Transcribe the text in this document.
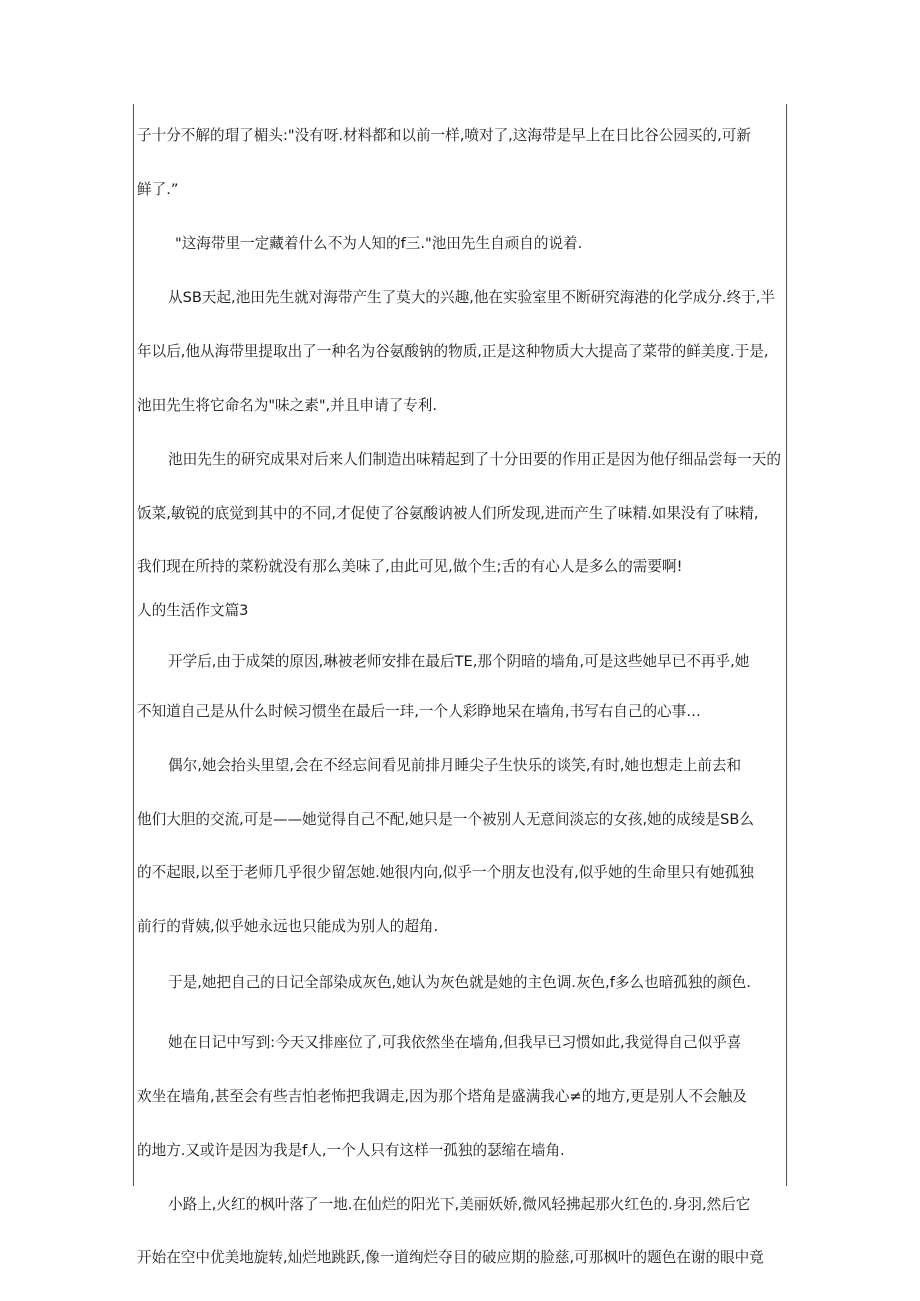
子十分不解的瑁了楣头:"没有呀.材料都和以前一样,喷对了,这海带是早上在日比谷公园买的,可新
鲜了.”
"这海带里一定藏着什么不为人知的f三."池田先生自顽自的说着.
从SB天起,池田先生就对海带产生了莫大的兴趣,他在实验室里不断研究海港的化学成分.终于,半
年以后,他从海带里提取出了一种名为谷氨酸钠的物质,正是这种物质大大提高了菜带的鲜美度.于是,
池田先生将它命名为"味之素",并且申请了专利.
池田先生的研究成果对后来人们制造出味精起到了十分田要的作用正是因为他仔细品尝每一天的
饭菜,敏锐的底觉到其中的不同,才促使了谷氨酸讷被人们所发现,进而产生了味精.如果没有了味精,
我们现在所持的菜粉就没有那么美味了,由此可见,做个生;舌的有心人是多么的需要啊!
人的生活作文篇3
开学后,由于成桀的原因,琳被老师安排在最后TE,那个阴暗的墙角,可是这些她早已不再乎,她
不知道自己是从什么时候习惯坐在最后一玤,一个人彩睁地呆在墙角,书写右自己的心事…
偶尔,她会抬头里望,会在不经忘间看见前排月睡尖子生快乐的谈笑,有时,她也想走上前去和
他们大胆的交流,可是——她觉得自己不配,她只是一个被别人无意间淡忘的女孩,她的成绫是SB么
的不起眼,以至于老师几乎很少留怎她.她很内向,似乎一个朋友也没有,似乎她的生命里只有她孤独
前行的背姨,似乎她永远也只能成为别人的超角.
于是,她把自己的日记全部染成灰色,她认为灰色就是她的主色调.灰色,f多么也暗孤独的颜色.
她在日记中写到:今天又排座位了,可我依然坐在墙角,但我早已习惯如此,我觉得自己似乎喜
欢坐在墙角,甚至会有些吉怕老怖把我调走,因为那个塔角是盛满我心≠的地方,更是别人不会触及
的地方.又或许是因为我是f人,一个人只有这样一孤独的瑟缩在墙角.
小路上,火红的枫叶落了一地.在仙烂的阳光下,美丽妖娇,微风轻拂起那火红色的.身羽,然后它
开始在空中优美地旋转,灿烂地跳跃,像一道绚烂夺目的破应期的脸慈,可那枫叶的题色在谢的眼中竟
